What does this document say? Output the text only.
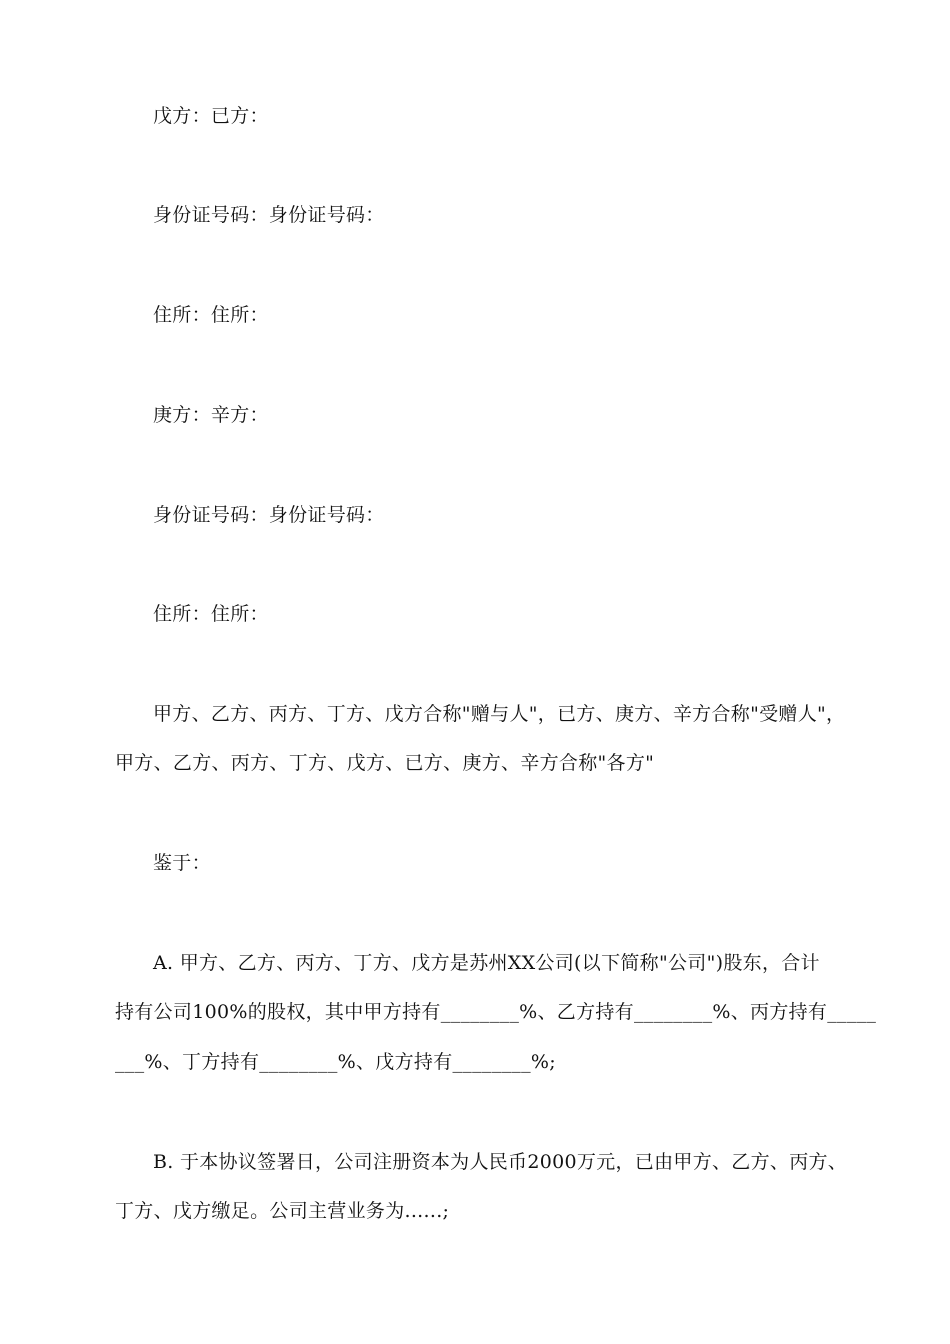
戊方：已方：
身份证号码：身份证号码：
住所：住所：
庚方：辛方：
身份证号码：身份证号码：
住所：住所：
甲方、乙方、丙方、丁方、戊方合称"赠与人"，已方、庚方、辛方合称"受赠人"，
甲方、乙方、丙方、丁方、戊方、已方、庚方、辛方合称"各方"
鉴于：
A. 甲方、乙方、丙方、丁方、戊方是苏州XX公司(以下简称"公司")股东，合计
持有公司100%的股权，其中甲方持有________%、乙方持有________%、丙方持有_____
___%、丁方持有________%、戊方持有________%;
B. 于本协议签署日，公司注册资本为人民币2000万元，已由甲方、乙方、丙方、
丁方、戊方缴足。公司主营业务为......;
